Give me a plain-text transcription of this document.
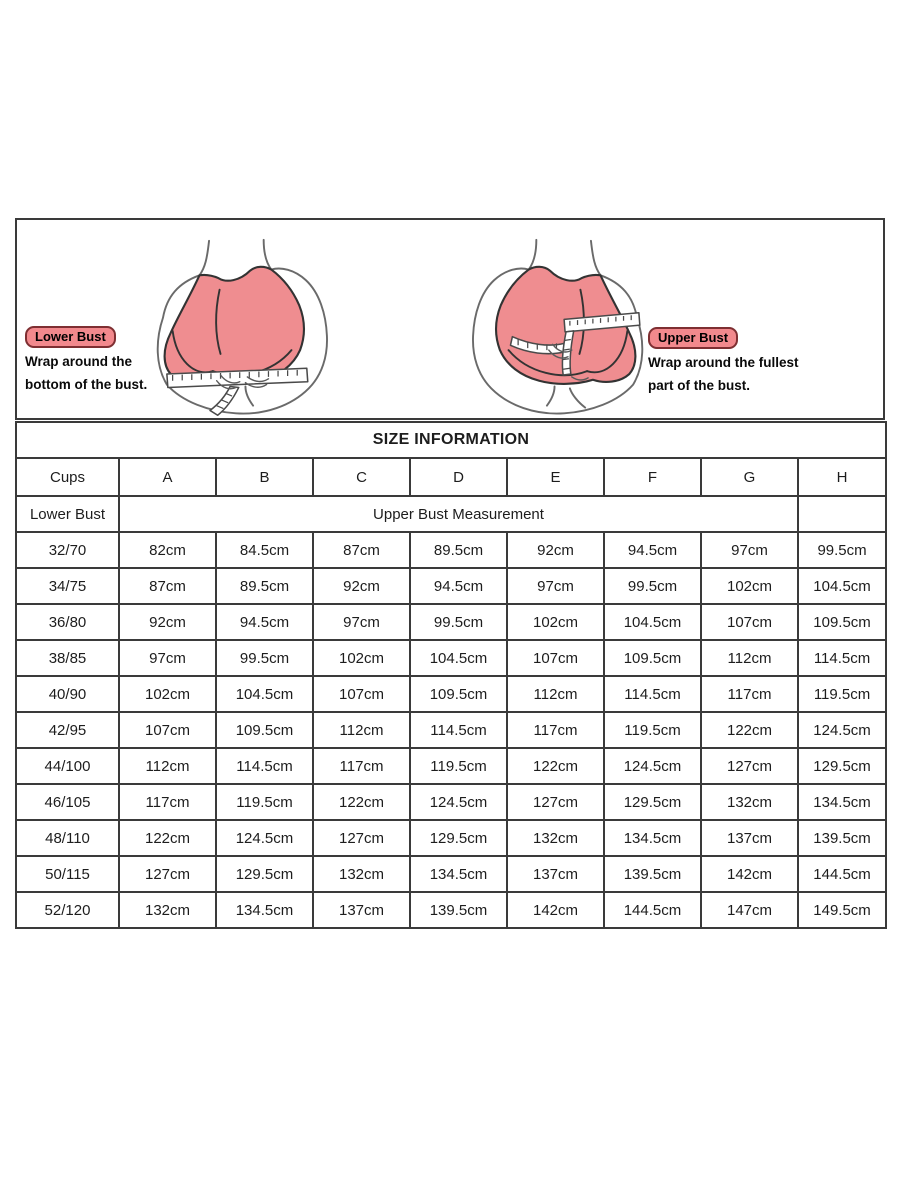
Lower Bust
Wrap around the
bottom of the bust.
Upper Bust
Wrap around the fullest
part of the bust.
SIZE INFORMATION								
Cups	A	B	C	D	E	F	G	H
Lower Bust	Upper Bust Measurement							
32/70	82cm	84.5cm	87cm	89.5cm	92cm	94.5cm	97cm	99.5cm
34/75	87cm	89.5cm	92cm	94.5cm	97cm	99.5cm	102cm	104.5cm
36/80	92cm	94.5cm	97cm	99.5cm	102cm	104.5cm	107cm	109.5cm
38/85	97cm	99.5cm	102cm	104.5cm	107cm	109.5cm	112cm	114.5cm
40/90	102cm	104.5cm	107cm	109.5cm	112cm	114.5cm	117cm	119.5cm
42/95	107cm	109.5cm	112cm	114.5cm	117cm	119.5cm	122cm	124.5cm
44/100	112cm	114.5cm	117cm	119.5cm	122cm	124.5cm	127cm	129.5cm
46/105	117cm	119.5cm	122cm	124.5cm	127cm	129.5cm	132cm	134.5cm
48/110	122cm	124.5cm	127cm	129.5cm	132cm	134.5cm	137cm	139.5cm
50/115	127cm	129.5cm	132cm	134.5cm	137cm	139.5cm	142cm	144.5cm
52/120	132cm	134.5cm	137cm	139.5cm	142cm	144.5cm	147cm	149.5cm
